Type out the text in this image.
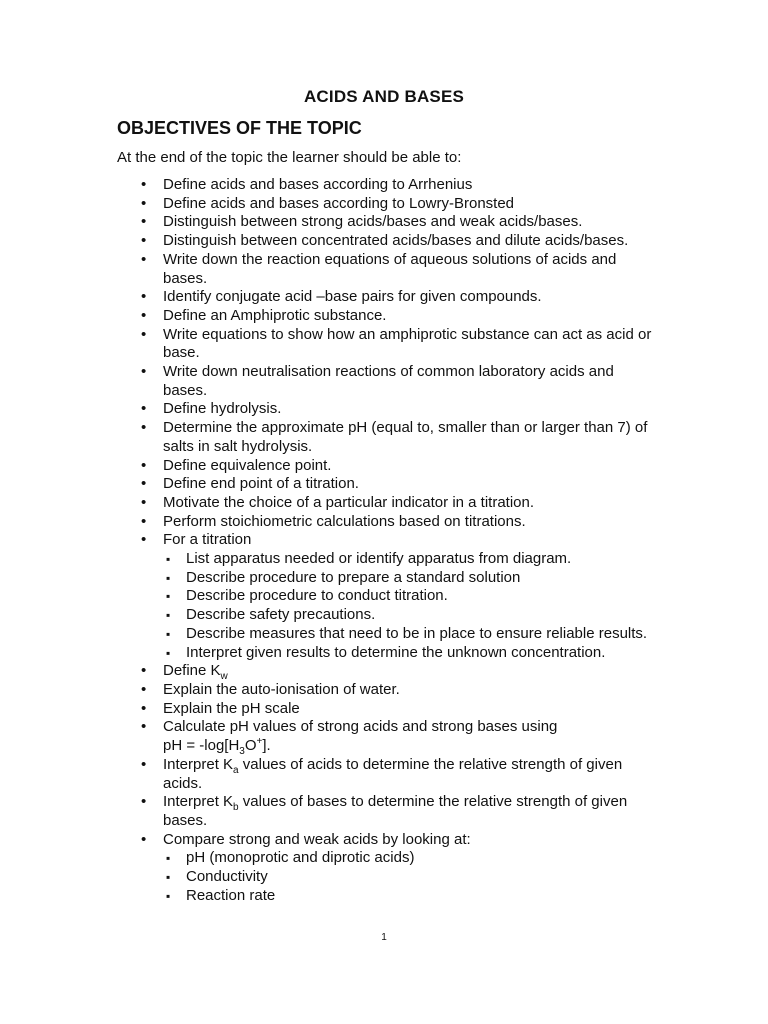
ACIDS AND BASES
OBJECTIVES OF THE TOPIC
At the end of the topic the learner should be able to:
• Define acids and bases according to Arrhenius
• Define acids and bases according to Lowry-Bronsted
• Distinguish between strong acids/bases and weak acids/bases.
• Distinguish between concentrated acids/bases and dilute acids/bases.
• Write down the reaction equations of aqueous solutions of acids and bases.
• Identify conjugate acid –base pairs for given compounds.
• Define an Amphiprotic substance.
• Write equations to show how an amphiprotic substance can act as acid or base.
• Write down neutralisation reactions of common laboratory acids and bases.
• Define hydrolysis.
• Determine the approximate pH (equal to, smaller than or larger than 7) of salts in salt hydrolysis.
• Define equivalence point.
• Define end point of a titration.
• Motivate the choice of a particular indicator in a titration.
• Perform stoichiometric calculations based on titrations.
• For a titration
▪ List apparatus needed or identify apparatus from diagram.
▪ Describe procedure to prepare a standard solution
▪ Describe procedure to conduct titration.
▪ Describe safety precautions.
▪ Describe measures that need to be in place to ensure reliable results.
▪ Interpret given results to determine the unknown concentration.
• Define $K_w$
• Explain the auto-ionisation of water.
• Explain the pH scale
• Calculate pH values of strong acids and strong bases using
pH = $-\log[H_3O^+]$.
• Interpret $K_a$ values of acids to determine the relative strength of given acids.
• Interpret $K_b$ values of bases to determine the relative strength of given bases.
• Compare strong and weak acids by looking at:
▪ pH (monoprotic and diprotic acids)
▪ Conductivity
▪ Reaction rate
1
